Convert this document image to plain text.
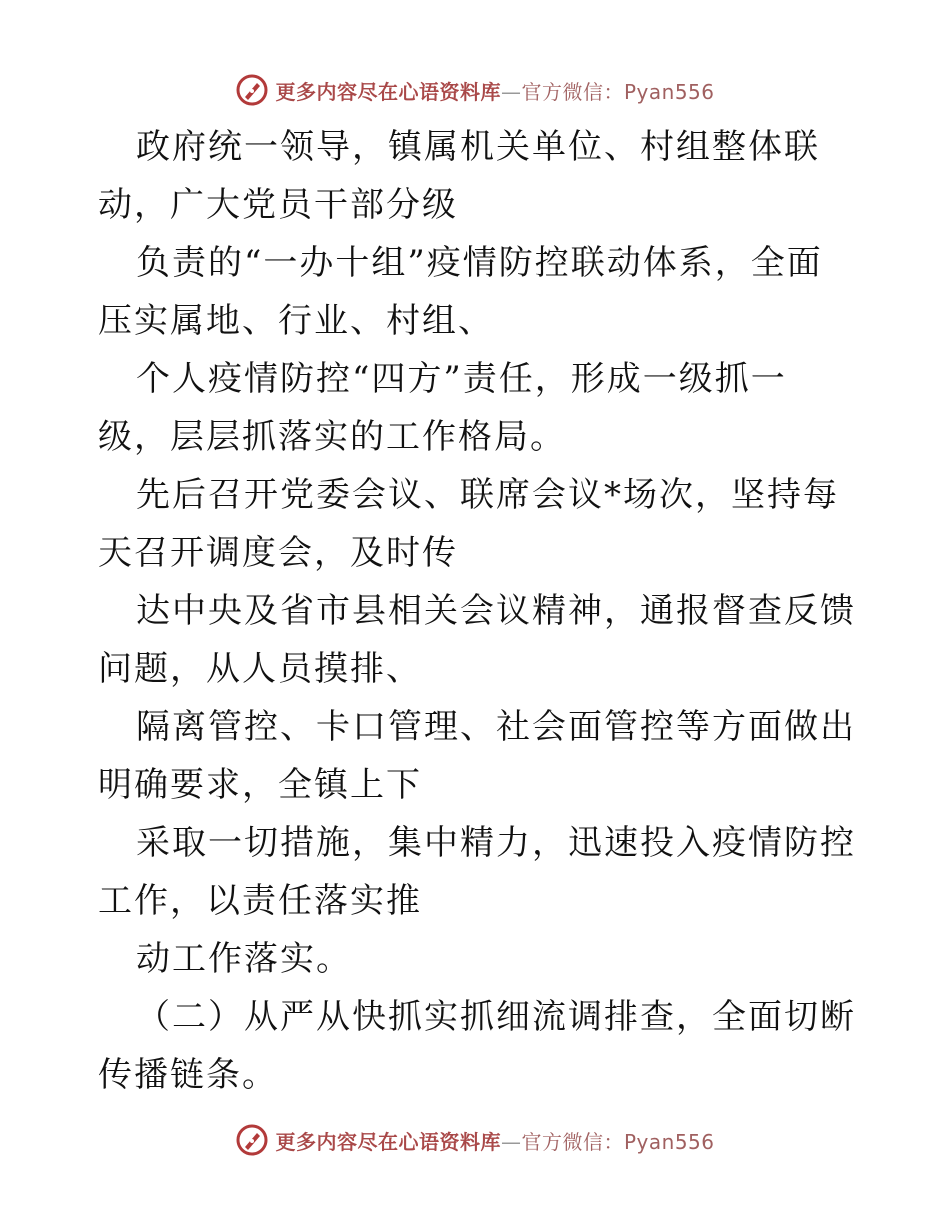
更多内容尽在心语资料库—官方微信：Pyan556

政府统一领导，镇属机关单位、村组整体联动，广大党员干部分级

负责的“一办十组”疫情防控联动体系，全面压实属地、行业、村组、

个人疫情防控“四方”责任，形成一级抓一级，层层抓落实的工作格局。

先后召开党委会议、联席会议*场次，坚持每天召开调度会，及时传

达中央及省市县相关会议精神，通报督查反馈问题，从人员摸排、

隔离管控、卡口管理、社会面管控等方面做出明确要求，全镇上下

采取一切措施，集中精力，迅速投入疫情防控工作，以责任落实推

动工作落实。

（二）从严从快抓实抓细流调排查，全面切断传播链条。

更多内容尽在心语资料库—官方微信：Pyan556
